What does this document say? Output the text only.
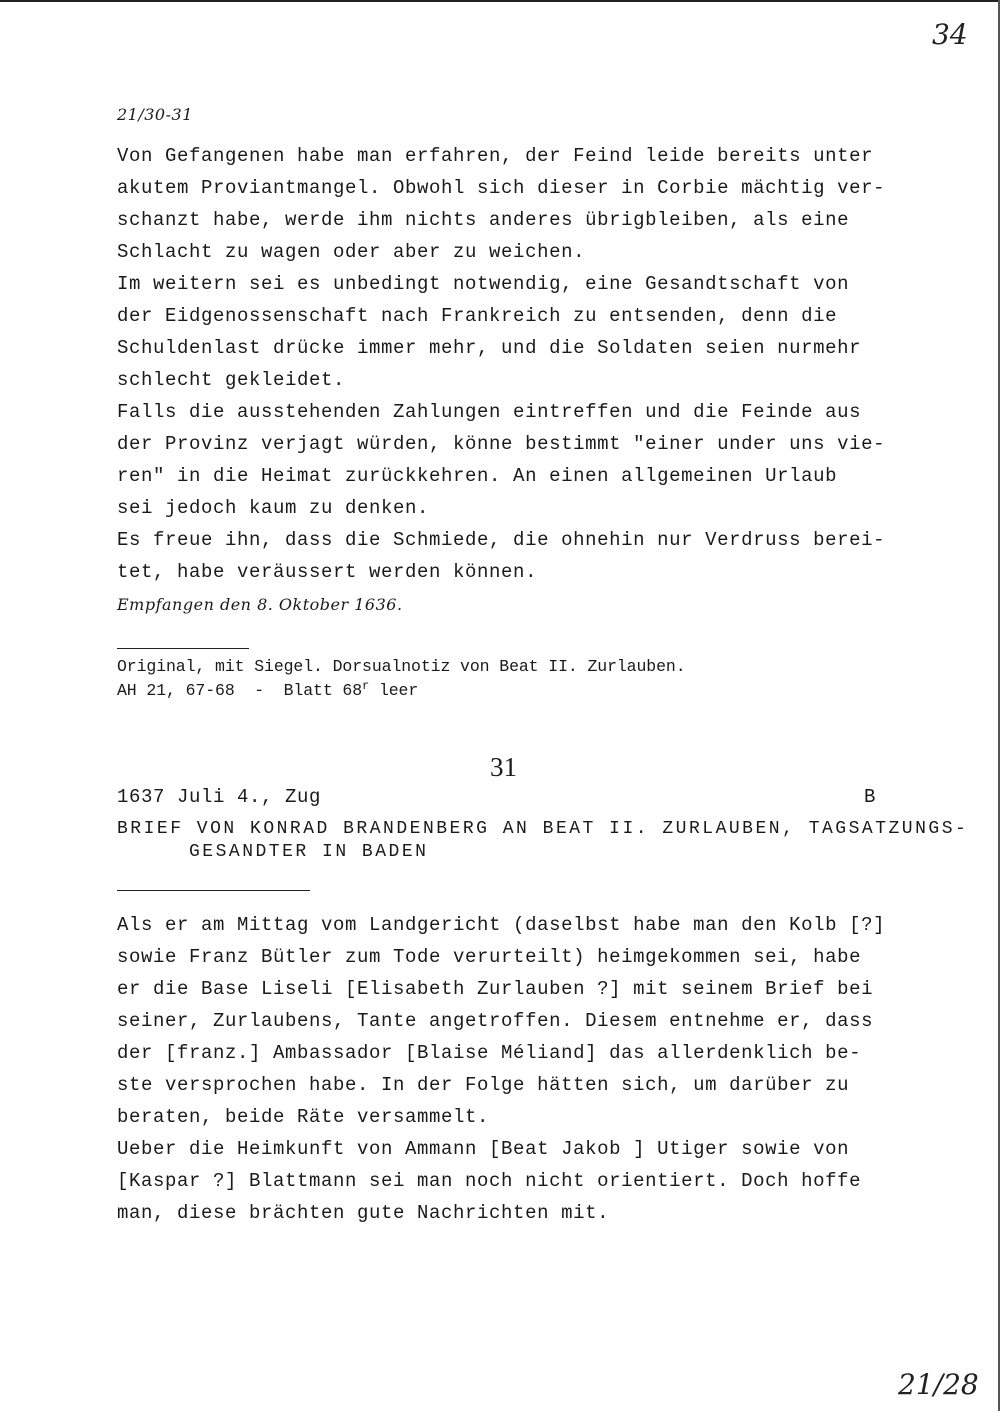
34
21/30-31
Von Gefangenen habe man erfahren, der Feind leide bereits unter
akutem Proviantmangel. Obwohl sich dieser in Corbie mächtig ver-
schanzt habe, werde ihm nichts anderes übrigbleiben, als eine
Schlacht zu wagen oder aber zu weichen.
Im weitern sei es unbedingt notwendig, eine Gesandtschaft von
der Eidgenossenschaft nach Frankreich zu entsenden, denn die
Schuldenlast drücke immer mehr, und die Soldaten seien nurmehr
schlecht gekleidet.
Falls die ausstehenden Zahlungen eintreffen und die Feinde aus
der Provinz verjagt würden, könne bestimmt "einer under uns vie-
ren" in die Heimat zurückkehren. An einen allgemeinen Urlaub
sei jedoch kaum zu denken.
Es freue ihn, dass die Schmiede, die ohnehin nur Verdruss berei-
tet, habe veräussert werden können.
Empfangen den 8. Oktober 1636.
Original, mit Siegel. Dorsualnotiz von Beat II. Zurlauben.
AH 21, 67-68  -  Blatt 68$^r$ leer
31
1637 Juli 4., Zug	B
BRIEF VON KONRAD BRANDENBERG AN BEAT II. ZURLAUBEN, TAGSATZUNGS-
GESANDTER IN BADEN
Als er am Mittag vom Landgericht (daselbst habe man den Kolb [?]
sowie Franz Bütler zum Tode verurteilt) heimgekommen sei, habe
er die Base Liseli [Elisabeth Zurlauben ?] mit seinem Brief bei
seiner, Zurlaubens, Tante angetroffen. Diesem entnehme er, dass
der [franz.] Ambassador [Blaise Méliand] das allerdenklich be-
ste versprochen habe. In der Folge hätten sich, um darüber zu
beraten, beide Räte versammelt.
Ueber die Heimkunft von Ammann [Beat Jakob ] Utiger sowie von
[Kaspar ?] Blattmann sei man noch nicht orientiert. Doch hoffe
man, diese brächten gute Nachrichten mit.
21/28
